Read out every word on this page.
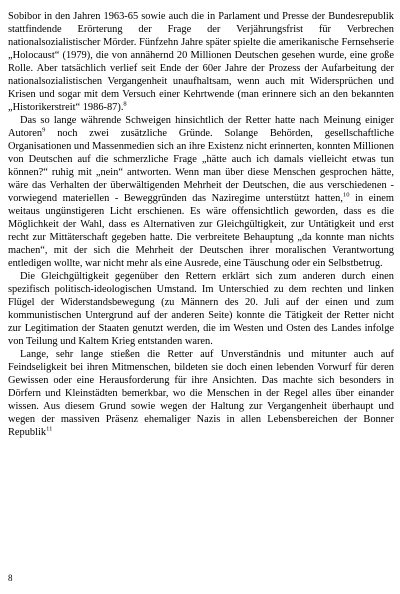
Sobibor in den Jahren 1963-65 sowie auch die in Parlament und Presse der Bundesrepublik stattfindende Erörterung der Frage der Verjährungsfrist für Verbrechen nationalsozialistischer Mörder. Fünfzehn Jahre später spielte die amerikanische Fernsehserie „Holocaust“ (1979), die von annähernd 20 Millionen Deutschen gesehen wurde, eine große Rolle. Aber tatsächlich verlief seit Ende der 60er Jahre der Prozess der Aufarbeitung der nationalsozialistischen Vergangenheit unaufhaltsam, wenn auch mit Widersprüchen und Krisen und sogar mit dem Versuch einer Kehrtwende (man erinnere sich an den bekannten „Historikerstreit“ 1986-87).$^8$

Das so lange währende Schweigen hinsichtlich der Retter hatte nach Meinung einiger Autoren$^9$ noch zwei zusätzliche Gründe. Solange Behörden, gesellschaftliche Organisationen und Massenmedien sich an ihre Existenz nicht erinnerten, konnten Millionen von Deutschen auf die schmerzliche Frage „hätte auch ich damals vielleicht etwas tun können?“ ruhig mit „nein“ antworten. Wenn man über diese Menschen gesprochen hätte, wäre das Verhalten der überwältigenden Mehrheit der Deutschen, die aus verschiedenen - vorwiegend materiellen - Beweggründen das Naziregime unterstützt hatten,$^{10}$ in einem weitaus ungünstigeren Licht erschienen. Es wäre offensichtlich geworden, dass es die Möglichkeit der Wahl, dass es Alternativen zur Gleichgültigkeit, zur Untätigkeit und erst recht zur Mittäterschaft gegeben hatte. Die verbreitete Behauptung „da konnte man nichts machen“, mit der sich die Mehrheit der Deutschen ihrer moralischen Verantwortung entledigen wollte, war nicht mehr als eine Ausrede, eine Täuschung oder ein Selbstbetrug.

Die Gleichgültigkeit gegenüber den Rettern erklärt sich zum anderen durch einen spezifisch politisch-ideologischen Umstand. Im Unterschied zu dem rechten und linken Flügel der Widerstandsbewegung (zu Männern des 20. Juli auf der einen und zum kommunistischen Untergrund auf der anderen Seite) konnte die Tätigkeit der Retter nicht zur Legitimation der Staaten genutzt werden, die im Westen und Osten des Landes infolge von Teilung und Kaltem Krieg entstanden waren.

Lange, sehr lange stießen die Retter auf Unverständnis und mitunter auch auf Feindseligkeit bei ihren Mitmenschen, bildeten sie doch einen lebenden Vorwurf für deren Gewissen oder eine Herausforderung für ihre Ansichten. Das machte sich besonders in Dörfern und Kleinstädten bemerkbar, wo die Menschen in der Regel alles über einander wissen. Aus diesem Grund sowie wegen der Haltung zur Vergangenheit überhaupt und wegen der massiven Präsenz ehemaliger Nazis in allen Lebensbereichen der Bonner Republik$^{11}$

8
